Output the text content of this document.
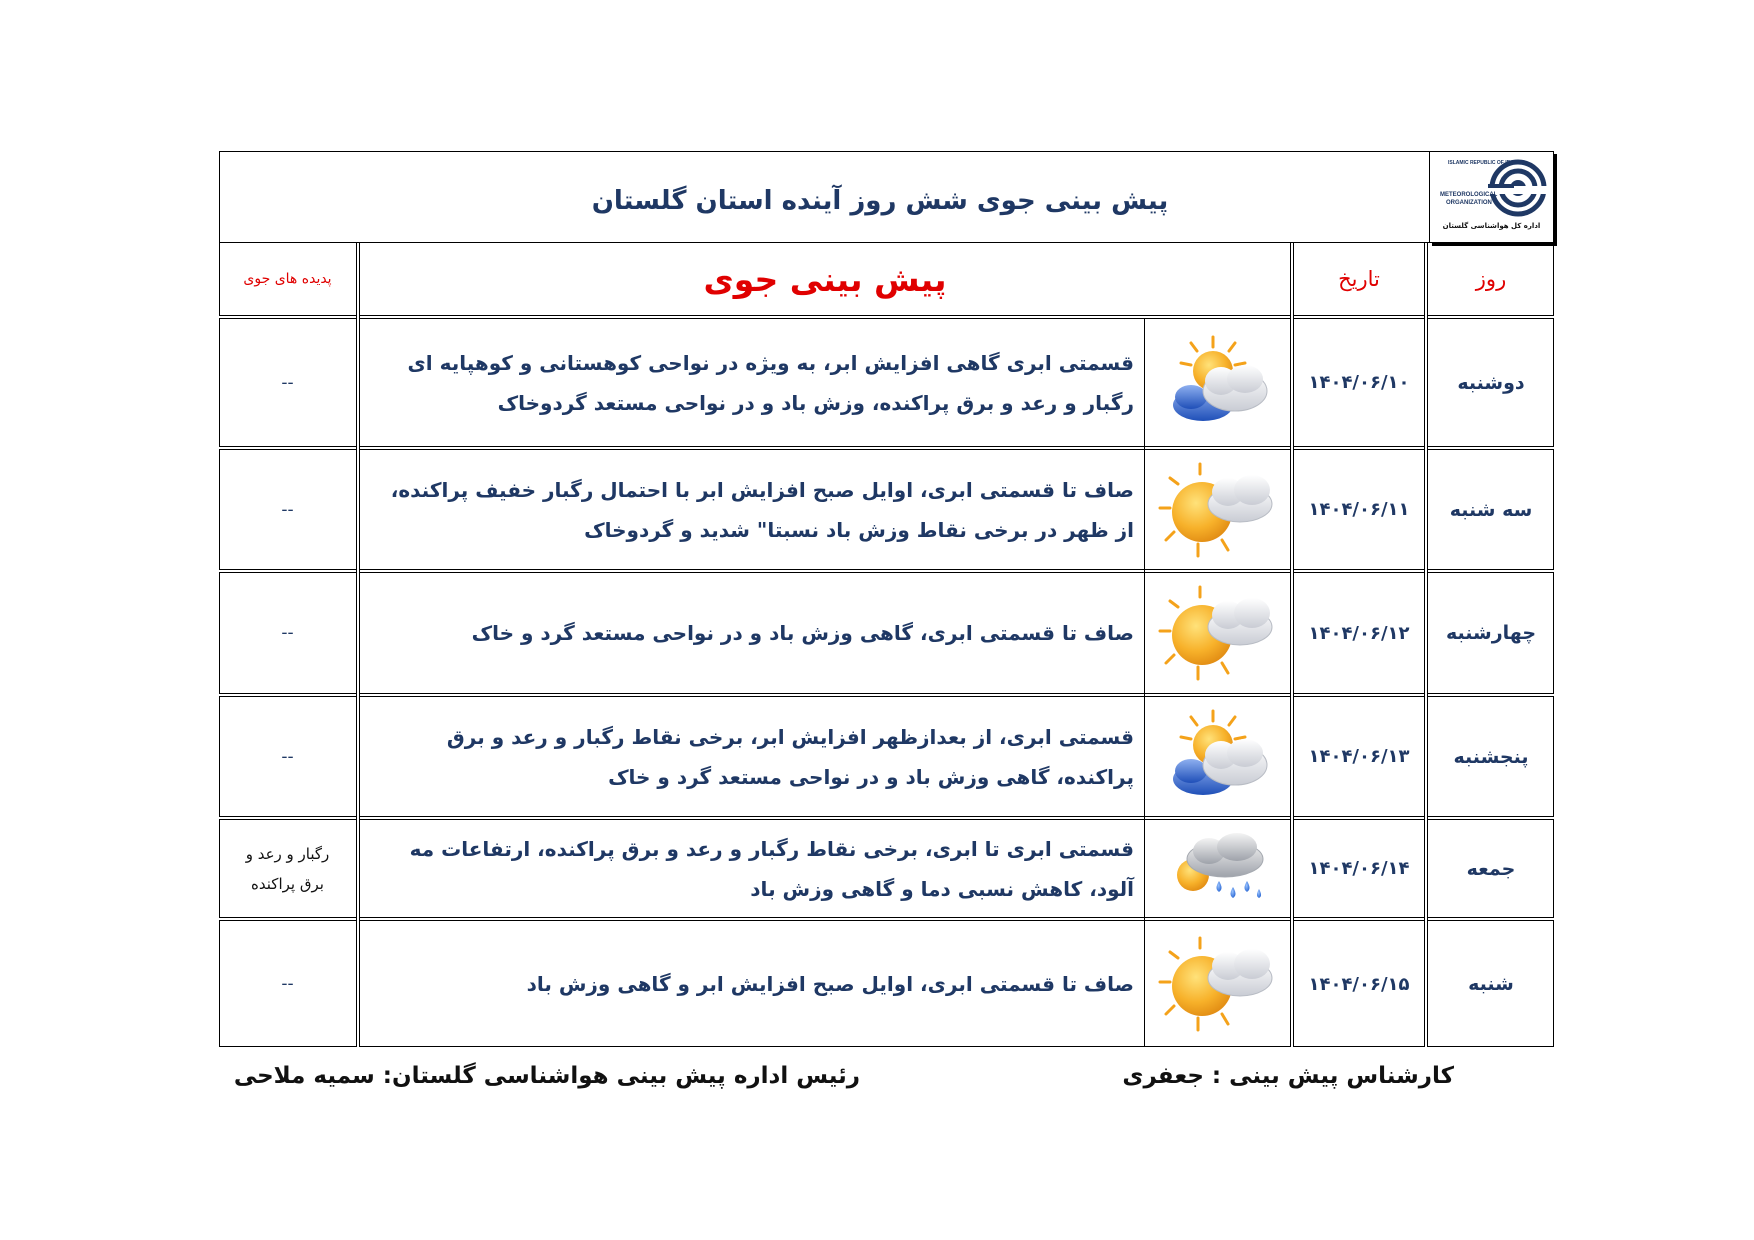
پیش بینی جوی شش روز آینده استان گلستان
ISLAMIC REPUBLIC OF IRAN
METEOROLOGICAL
ORGANIZATION
اداره کل هواشناسی گلستان
روز
تاریخ
پیش بینی جوی
پدیده های جوی
دوشنبه
۱۴۰۴/۰۶/۱۰
قسمتی ابری گاهی افزایش ابر، به ویژه در نواحی کوهستانی و کوهپایه ای رگبار و رعد و برق پراکنده، وزش باد و در نواحی مستعد گردوخاک
--
سه شنبه
۱۴۰۴/۰۶/۱۱
صاف تا قسمتی ابری، اوایل صبح افزایش ابر با احتمال رگبار خفیف پراکنده، از ظهر در برخی نقاط وزش باد نسبتا" شدید و گردوخاک
--
چهارشنبه
۱۴۰۴/۰۶/۱۲
صاف تا قسمتی ابری، گاهی وزش باد و در نواحی مستعد گرد و خاک
--
پنجشنبه
۱۴۰۴/۰۶/۱۳
قسمتی ابری، از بعدازظهر افزایش ابر، برخی نقاط رگبار و رعد و برق پراکنده، گاهی وزش باد و در نواحی مستعد گرد و خاک
--
جمعه
۱۴۰۴/۰۶/۱۴
قسمتی ابری تا ابری، برخی نقاط رگبار و رعد و برق پراکنده، ارتفاعات مه آلود، کاهش نسبی دما و گاهی وزش باد
رگبار و رعد و برق پراکنده
شنبه
۱۴۰۴/۰۶/۱۵
صاف تا قسمتی ابری، اوایل صبح افزایش ابر و گاهی وزش باد
--
کارشناس پیش بینی : جعفری
رئیس اداره پیش بینی هواشناسی گلستان: سمیه ملاحی
